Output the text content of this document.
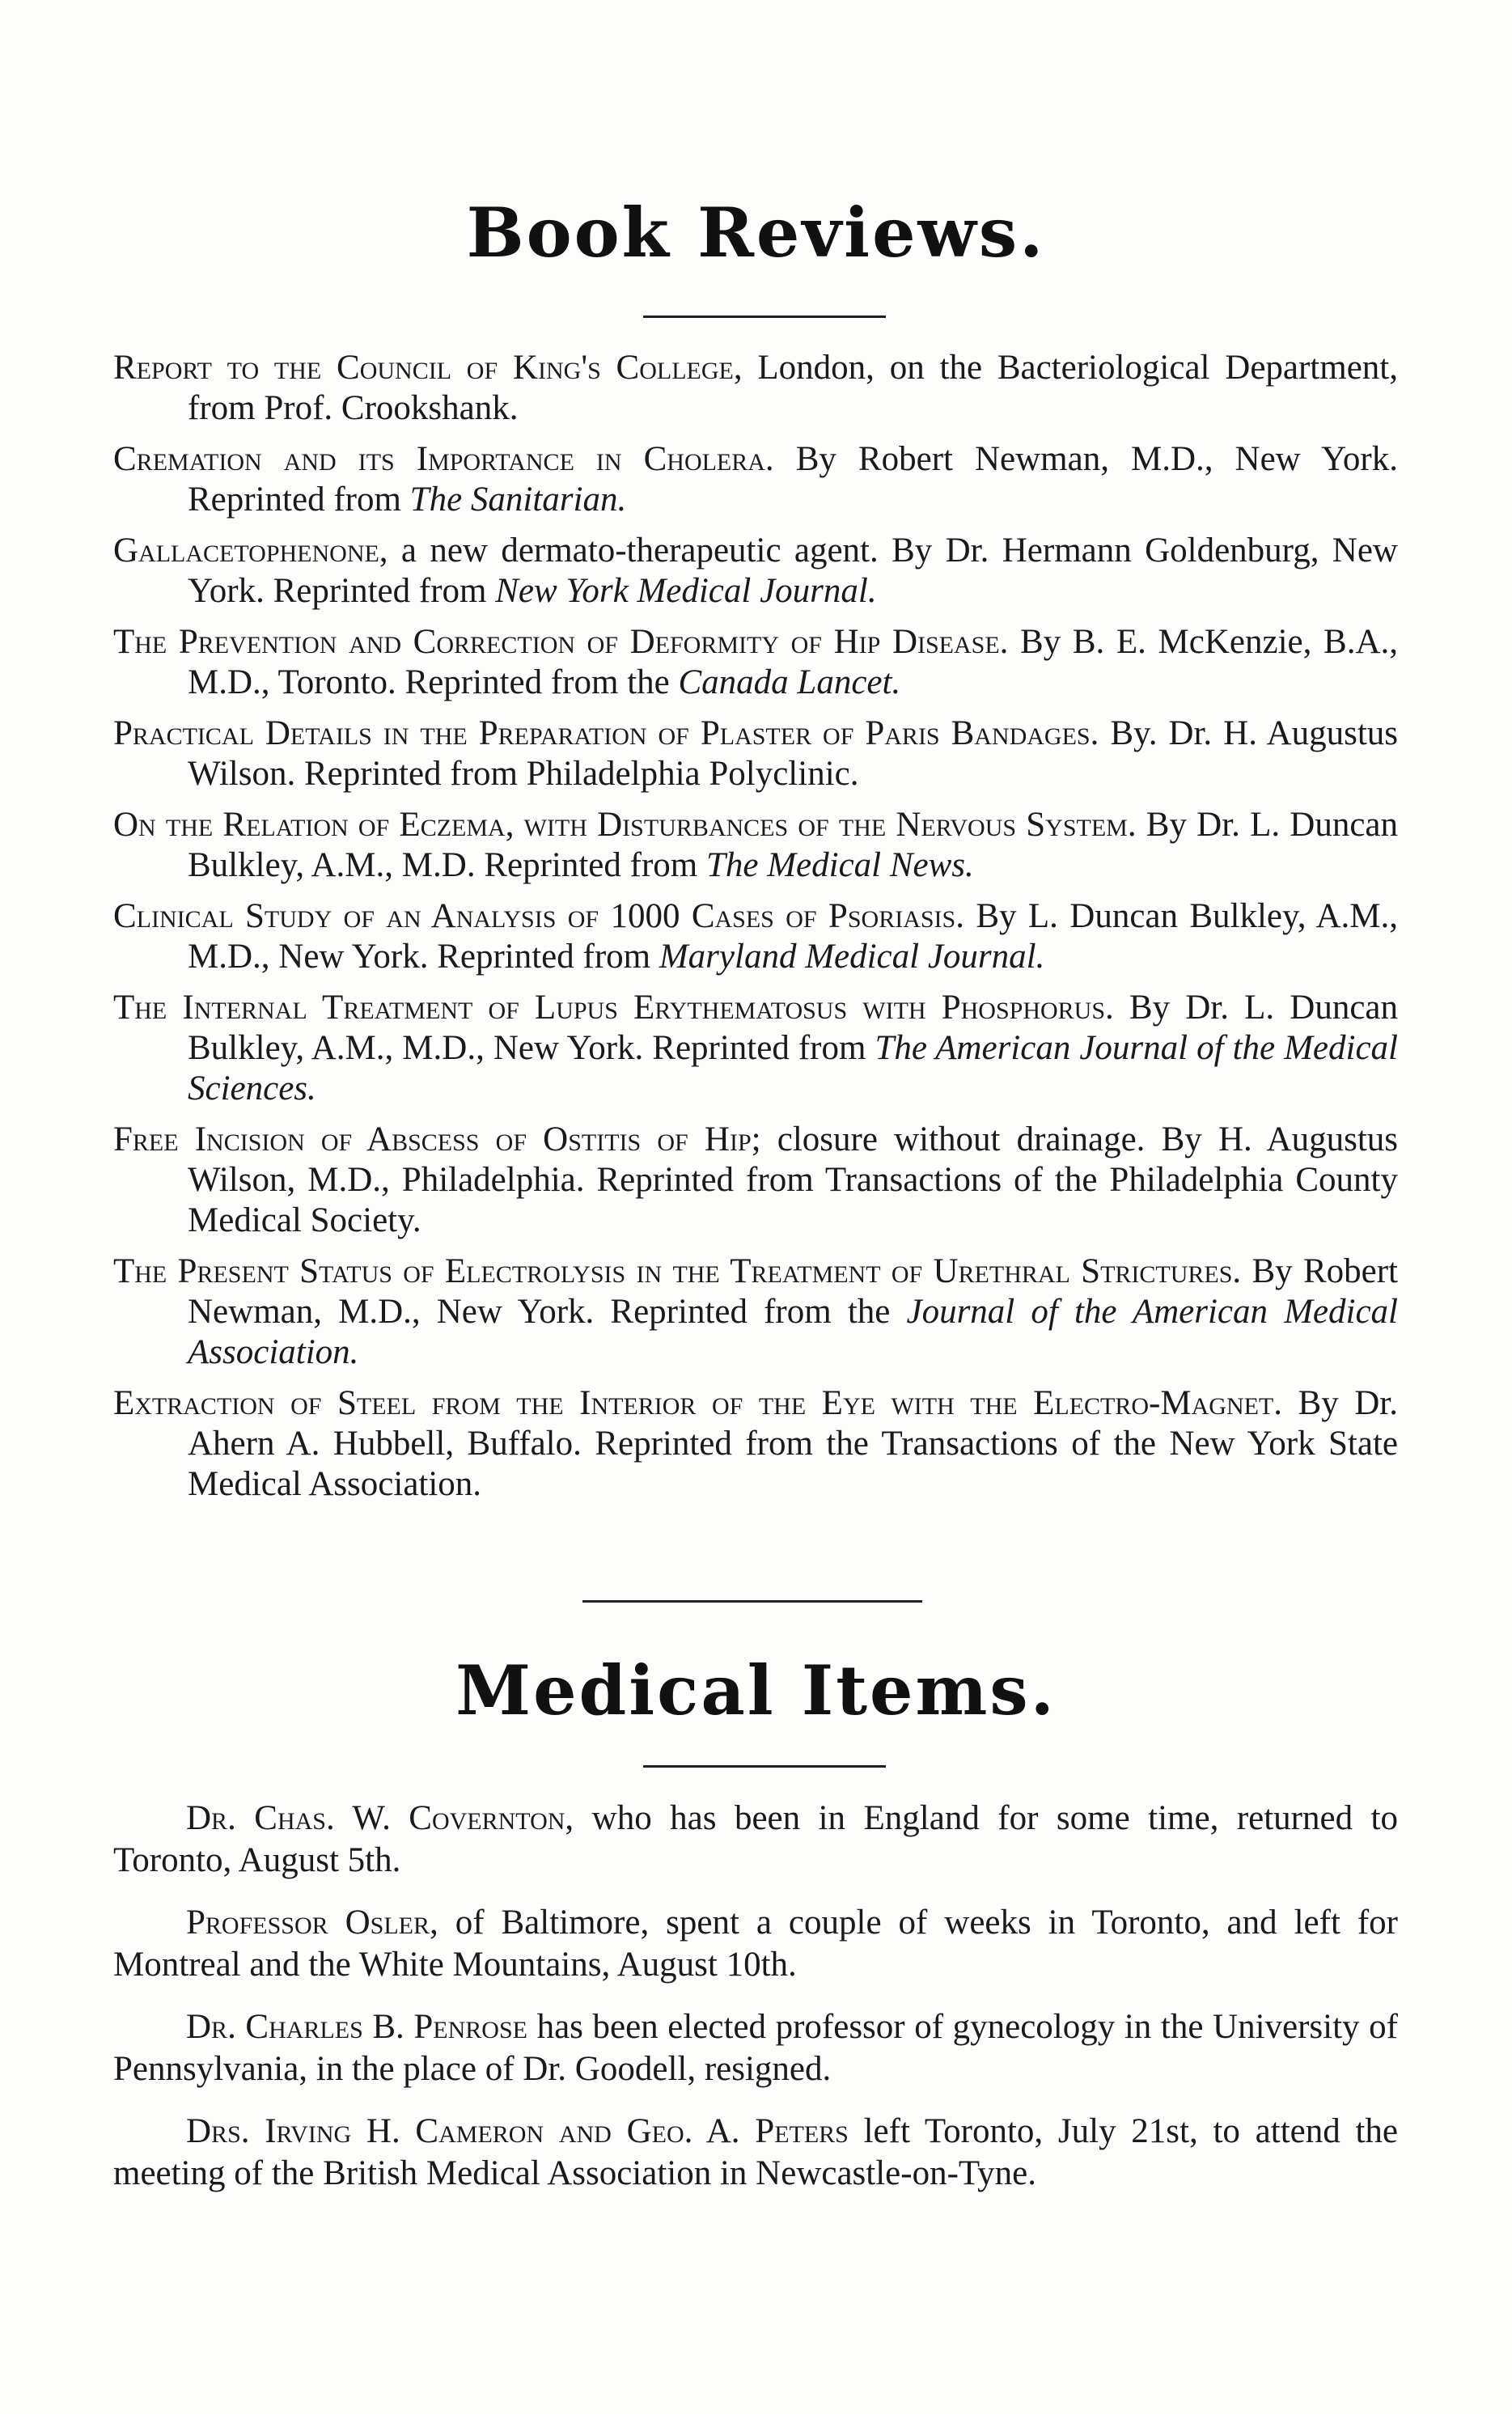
Book Reviews.

Report to the Council of King's College, London, on the Bacteriological Department, from Prof. Crookshank.

Cremation and its Importance in Cholera. By Robert Newman, M.D., New York. Reprinted from The Sanitarian.

Gallacetophenone, a new dermato-therapeutic agent. By Dr. Hermann Goldenburg, New York. Reprinted from New York Medical Journal.

The Prevention and Correction of Deformity of Hip Disease. By B. E. McKenzie, B.A., M.D., Toronto. Reprinted from the Canada Lancet.

Practical Details in the Preparation of Plaster of Paris Bandages. By. Dr. H. Augustus Wilson. Reprinted from Philadelphia Polyclinic.

On the Relation of Eczema, with Disturbances of the Nervous System. By Dr. L. Duncan Bulkley, A.M., M.D. Reprinted from The Medical News.

Clinical Study of an Analysis of 1000 Cases of Psoriasis. By L. Duncan Bulkley, A.M., M.D., New York. Reprinted from Maryland Medical Journal.

The Internal Treatment of Lupus Erythematosus with Phosphorus. By Dr. L. Duncan Bulkley, A.M., M.D., New York. Reprinted from The American Journal of the Medical Sciences.

Free Incision of Abscess of Ostitis of Hip; closure without drainage. By H. Augustus Wilson, M.D., Philadelphia. Reprinted from Transactions of the Philadelphia County Medical Society.

The Present Status of Electrolysis in the Treatment of Urethral Strictures. By Robert Newman, M.D., New York. Reprinted from the Journal of the American Medical Association.

Extraction of Steel from the Interior of the Eye with the Electro-Magnet. By Dr. Ahern A. Hubbell, Buffalo. Reprinted from the Transactions of the New York State Medical Association.

Medical Items.

Dr. Chas. W. Covernton, who has been in England for some time, returned to Toronto, August 5th.

Professor Osler, of Baltimore, spent a couple of weeks in Toronto, and left for Montreal and the White Mountains, August 10th.

Dr. Charles B. Penrose has been elected professor of gynecology in the University of Pennsylvania, in the place of Dr. Goodell, resigned.

Drs. Irving H. Cameron and Geo. A. Peters left Toronto, July 21st, to attend the meeting of the British Medical Association in Newcastle-on-Tyne.
